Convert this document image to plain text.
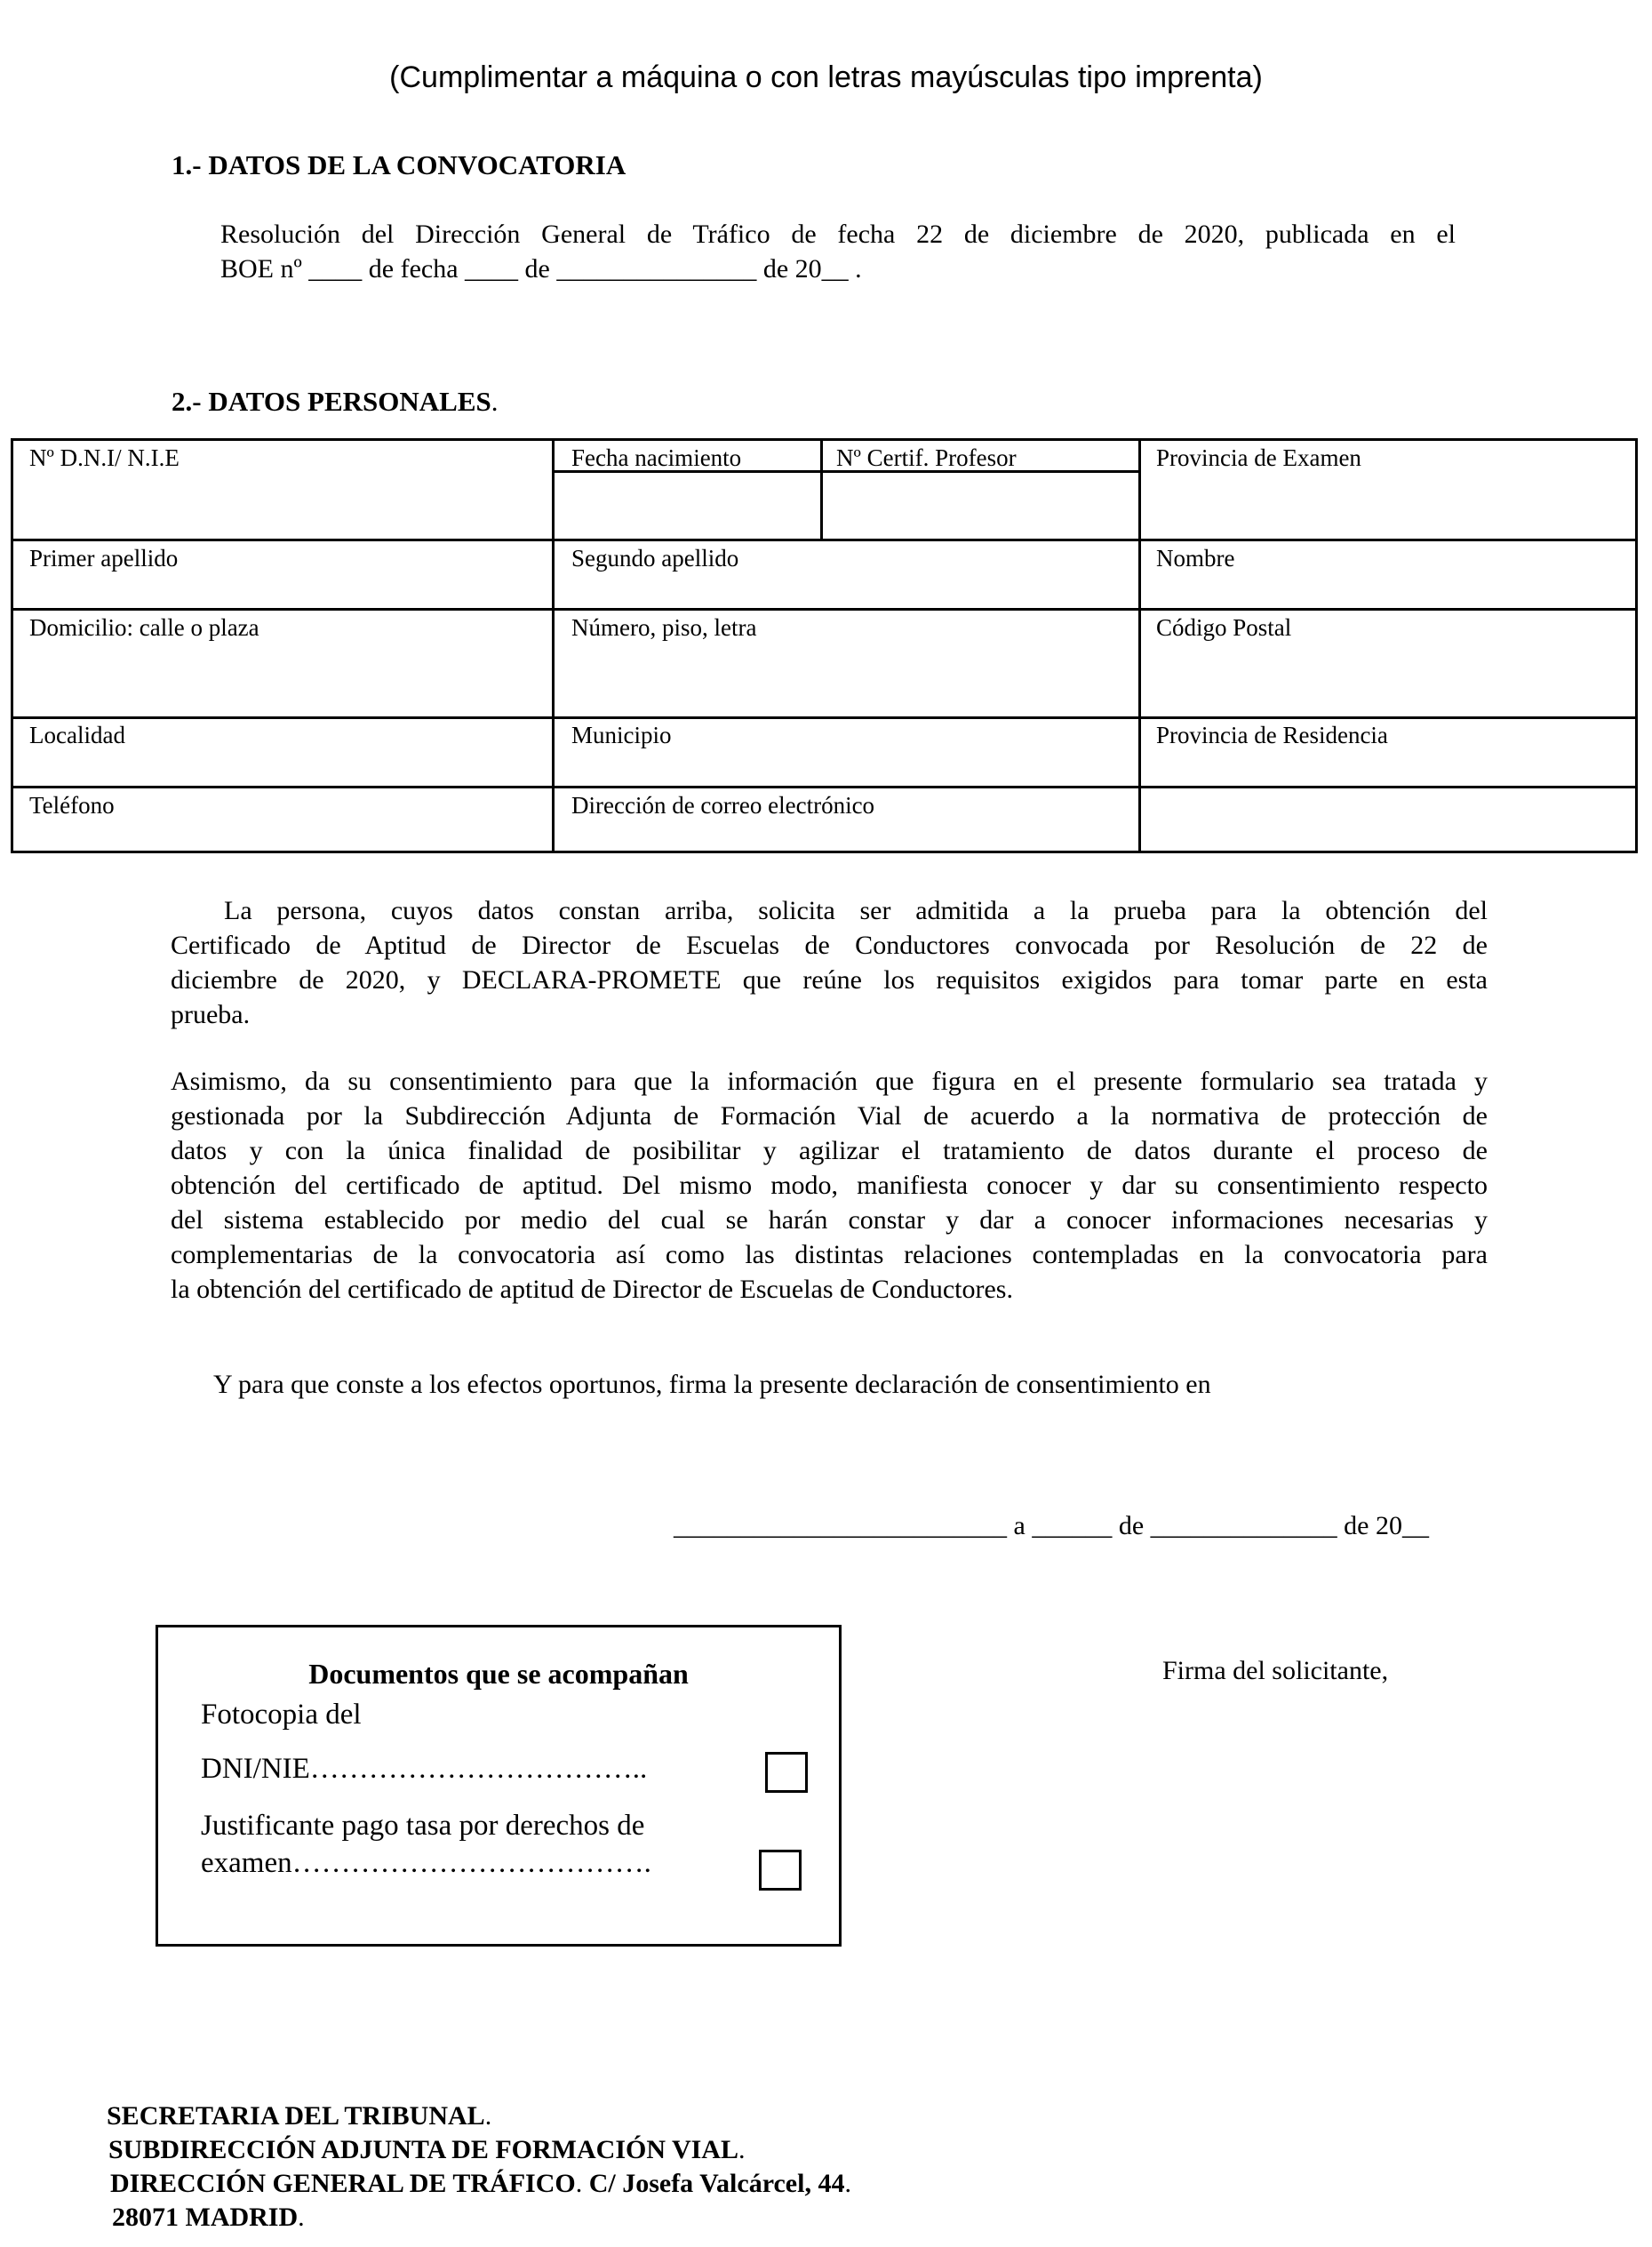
(Cumplimentar a máquina o con letras mayúsculas tipo imprenta)
1.- DATOS DE LA CONVOCATORIA
Resolución del Dirección General de Tráfico de fecha 22 de diciembre de 2020, publicada en el
BOE nº ____ de fecha ____ de _______________ de 20__ .
2.- DATOS PERSONALES.
Nº D.N.I/ N.I.E	Fecha nacimiento	Nº Certif. Profesor	Provincia de Examen
Primer apellido	Segundo apellido	Nombre
Domicilio: calle o plaza	Número, piso, letra	Código Postal
Localidad	Municipio	Provincia de Residencia
Teléfono	Dirección de correo electrónico
La persona, cuyos datos constan arriba, solicita ser admitida a la prueba para la obtención del
Certificado de Aptitud de Director de Escuelas de Conductores convocada por Resolución de 22 de
diciembre de 2020, y DECLARA-PROMETE que reúne los requisitos exigidos para tomar parte en esta
prueba.
Asimismo, da su consentimiento para que la información que figura en el presente formulario sea tratada y
gestionada por la Subdirección Adjunta de Formación Vial de acuerdo a la normativa de protección de
datos y con la única finalidad de posibilitar y agilizar el tratamiento de datos durante el proceso de
obtención del certificado de aptitud. Del mismo modo, manifiesta conocer y dar su consentimiento respecto
del sistema establecido por medio del cual se harán constar y dar a conocer informaciones necesarias y
complementarias de la convocatoria así como las distintas relaciones contempladas en la convocatoria para
la obtención del certificado de aptitud de Director de Escuelas de Conductores.
Y para que conste a los efectos oportunos, firma la presente declaración de consentimiento en
_________________________ a ______ de ______________ de 20__
Firma del solicitante,
Documentos que se acompañan
Fotocopia del
DNI/NIE……………………………..
Justificante pago tasa por derechos de
examen……………………………….
SECRETARIA DEL TRIBUNAL.
SUBDIRECCIÓN ADJUNTA DE FORMACIÓN VIAL.
DIRECCIÓN GENERAL DE TRÁFICO. C/ Josefa Valcárcel, 44.
28071 MADRID.
